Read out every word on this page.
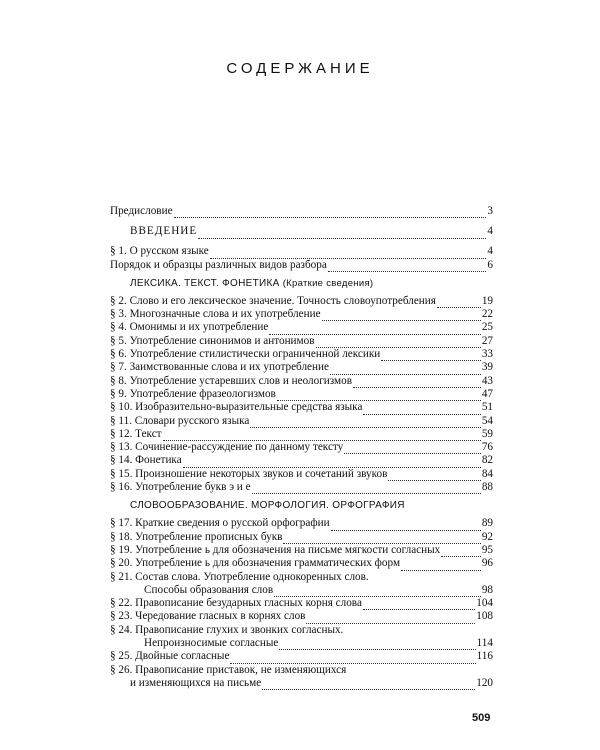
СОДЕРЖАНИЕ
Предисловие	3
ВВЕДЕНИЕ	4
§ 1. О русском языке	4
Порядок и образцы различных видов разбора	6
ЛЕКСИКА. ТЕКСТ. ФОНЕТИКА (Краткие сведения)
§ 2. Слово и его лексическое значение. Точность словоупотребления	19
§ 3. Многозначные слова и их употребление	22
§ 4. Омонимы и их употребление	25
§ 5. Употребление синонимов и антонимов	27
§ 6. Употребление стилистически ограниченной лексики	33
§ 7. Заимствованные слова и их употребление	39
§ 8. Употребление устаревших слов и неологизмов	43
§ 9. Употребление фразеологизмов	47
§ 10. Изобразительно-выразительные средства языка	51
§ 11. Словари русского языка	54
§ 12. Текст	59
§ 13. Сочинение-рассуждение по данному тексту	76
§ 14. Фонетика	82
§ 15. Произношение некоторых звуков и сочетаний звуков	84
§ 16. Употребление букв э и е	88
СЛОВООБРАЗОВАНИЕ. МОРФОЛОГИЯ. ОРФОГРАФИЯ
§ 17. Краткие сведения о русской орфографии	89
§ 18. Употребление прописных букв	92
§ 19. Употребление ь для обозначения на письме мягкости согласных	95
§ 20. Употребление ь для обозначения грамматических форм	96
§ 21. Состав слова. Употребление однокоренных слов.
Способы образования слов	98
§ 22. Правописание безударных гласных корня слова	104
§ 23. Чередование гласных в корнях слов	108
§ 24. Правописание глухих и звонких согласных.
Непроизносимые согласные	114
§ 25. Двойные согласные	116
§ 26. Правописание приставок, не изменяющихся
и изменяющихся на письме	120
509
